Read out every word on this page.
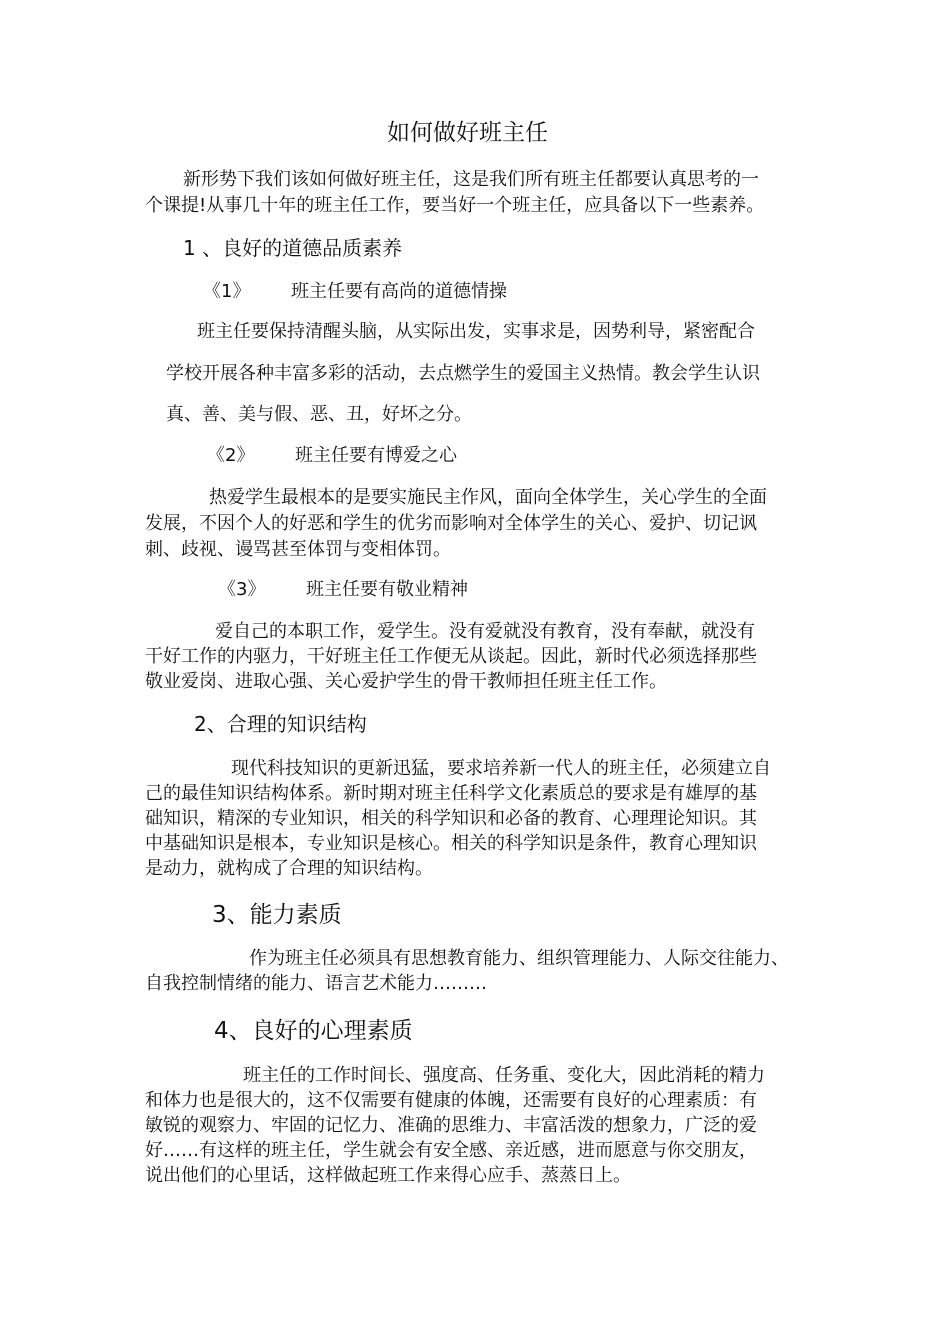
如何做好班主任
新形势下我们该如何做好班主任，这是我们所有班主任都要认真思考的一
个课提!从事几十年的班主任工作，要当好一个班主任，应具备以下一些素养。
1 、良好的道德品质素养
《1》 班主任要有高尚的道德情操
班主任要保持清醒头脑，从实际出发，实事求是，因势利导，紧密配合
学校开展各种丰富多彩的活动，去点燃学生的爱国主义热情。教会学生认识
真、善、美与假、恶、丑，好坏之分。
《2》 班主任要有博爱之心
热爱学生最根本的是要实施民主作风，面向全体学生，关心学生的全面
发展，不因个人的好恶和学生的优劣而影响对全体学生的关心、爱护、切记讽
刺、歧视、谩骂甚至体罚与变相体罚。
《3》 班主任要有敬业精神
爱自己的本职工作，爱学生。没有爱就没有教育，没有奉献，就没有
干好工作的内驱力，干好班主任工作便无从谈起。因此，新时代必须选择那些
敬业爱岗、进取心强、关心爱护学生的骨干教师担任班主任工作。
2、合理的知识结构
现代科技知识的更新迅猛，要求培养新一代人的班主任，必须建立自
己的最佳知识结构体系。新时期对班主任科学文化素质总的要求是有雄厚的基
础知识，精深的专业知识，相关的科学知识和必备的教育、心理理论知识。其
中基础知识是根本，专业知识是核心。相关的科学知识是条件，教育心理知识
是动力，就构成了合理的知识结构。
3、能力素质
作为班主任必须具有思想教育能力、组织管理能力、人际交往能力、
自我控制情绪的能力、语言艺术能力………
4、良好的心理素质
班主任的工作时间长、强度高、任务重、变化大，因此消耗的精力
和体力也是很大的，这不仅需要有健康的体魄，还需要有良好的心理素质：有
敏锐的观察力、牢固的记忆力、准确的思维力、丰富活泼的想象力，广泛的爱
好……有这样的班主任，学生就会有安全感、亲近感，进而愿意与你交朋友，
说出他们的心里话，这样做起班工作来得心应手、蒸蒸日上。
